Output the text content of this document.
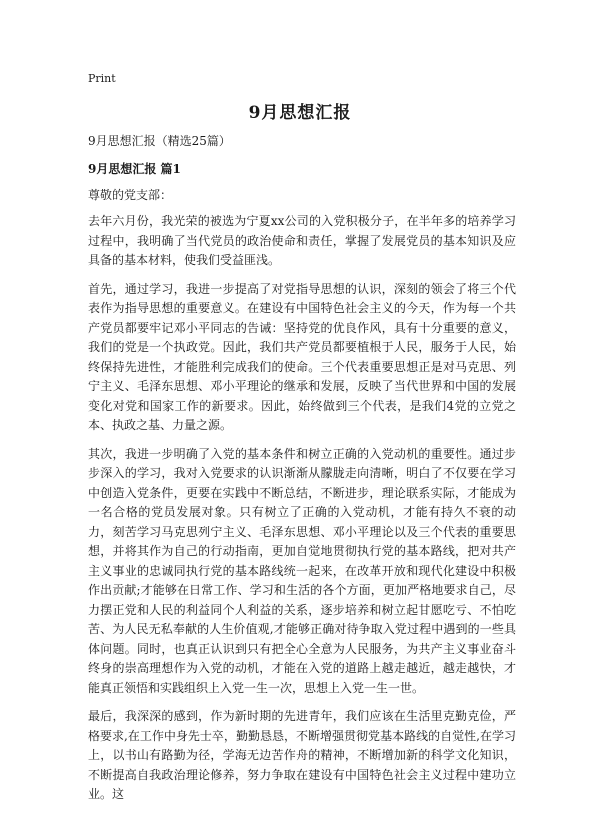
Print
9月思想汇报
9月思想汇报（精选25篇）
9月思想汇报 篇1
尊敬的党支部：

去年六月份，我光荣的被选为宁夏xx公司的入党积极分子，在半年多的培养学习过程中，我明确了当代党员的政治使命和责任，掌握了发展党员的基本知识及应具备的基本材料，使我们受益匪浅。

首先，通过学习，我进一步提高了对党指导思想的认识，深刻的领会了将三个代表作为指导思想的重要意义。在建设有中国特色社会主义的今天，作为每一个共产党员都要牢记邓小平同志的告诫：坚持党的优良作风，具有十分重要的意义，我们的党是一个执政党。因此，我们共产党员都要植根于人民，服务于人民，始终保持先进性，才能胜利完成我们的使命。三个代表重要思想正是对马克思、列宁主义、毛泽东思想、邓小平理论的继承和发展，反映了当代世界和中国的发展变化对党和国家工作的新要求。因此，始终做到三个代表，是我们4党的立党之本、执政之基、力量之源。

其次，我进一步明确了入党的基本条件和树立正确的入党动机的重要性。通过步步深入的学习，我对入党要求的认识渐渐从朦胧走向清晰，明白了不仅要在学习中创造入党条件，更要在实践中不断总结，不断进步，理论联系实际，才能成为一名合格的党员发展对象。只有树立了正确的入党动机，才能有持久不衰的动力，刻苦学习马克思列宁主义、毛泽东思想、邓小平理论以及三个代表的重要思想，并将其作为自己的行动指南，更加自觉地贯彻执行党的基本路线，把对共产主义事业的忠诚同执行党的基本路线统一起来，在改革开放和现代化建设中积极作出贡献;才能够在日常工作、学习和生活的各个方面，更加严格地要求自己，尽力摆正党和人民的利益同个人利益的关系，逐步培养和树立起甘愿吃亏、不怕吃苦、为人民无私奉献的人生价值观,才能够正确对待争取入党过程中遇到的一些具体问题。同时，也真正认识到只有把全心全意为人民服务，为共产主义事业奋斗终身的崇高理想作为入党的动机，才能在入党的道路上越走越近，越走越快，才能真正领悟和实践组织上入党一生一次，思想上入党一生一世。

最后，我深深的感到，作为新时期的先进青年，我们应该在生活里克勤克俭，严格要求,在工作中身先士卒，勤勤恳恳，不断增强贯彻党基本路线的自觉性,在学习上，以书山有路勤为径，学海无边苦作舟的精神，不断增加新的科学文化知识，不断提高自我政治理论修养，努力争取在建设有中国特色社会主义过程中建功立业。这
